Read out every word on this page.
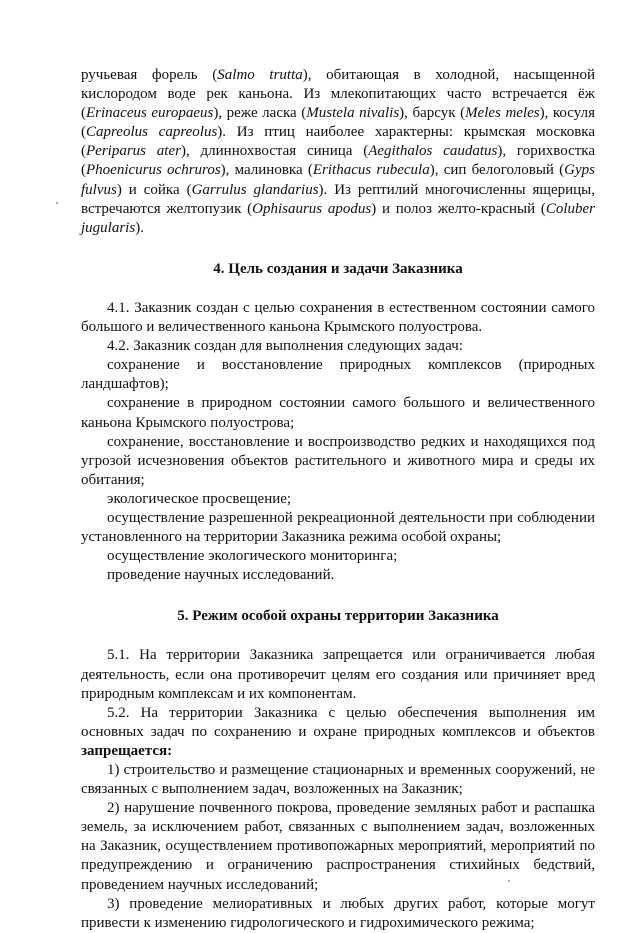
ручьевая форель (Salmo trutta), обитающая в холодной, насыщенной кислородом воде рек каньона. Из млекопитающих часто встречается ёж (Erinaceus europaeus), реже ласка (Mustela nivalis), барсук (Meles meles), косуля (Capreolus capreolus). Из птиц наиболее характерны: крымская московка (Periparus ater), длиннохвостая синица (Aegithalos caudatus), горихвостка (Phoenicurus ochruros), малиновка (Erithacus rubecula), сип белоголовый (Gyps fulvus) и сойка (Garrulus glandarius). Из рептилий многочисленны ящерицы, встречаются желтопузик (Ophisaurus apodus) и полоз желто-красный (Coluber jugularis).

4. Цель создания и задачи Заказника

4.1. Заказник создан с целью сохранения в естественном состоянии самого большого и величественного каньона Крымского полуострова.

4.2. Заказник создан для выполнения следующих задач:

сохранение и восстановление природных комплексов (природных ландшафтов);

сохранение в природном состоянии самого большого и величественного каньона Крымского полуострова;

сохранение, восстановление и воспроизводство редких и находящихся под угрозой исчезновения объектов растительного и животного мира и среды их обитания;

экологическое просвещение;

осуществление разрешенной рекреационной деятельности при соблюдении установленного на территории Заказника режима особой охраны;

осуществление экологического мониторинга;

проведение научных исследований.

5. Режим особой охраны территории Заказника

5.1. На территории Заказника запрещается или ограничивается любая деятельность, если она противоречит целям его создания или причиняет вред природным комплексам и их компонентам.

5.2. На территории Заказника с целью обеспечения выполнения им основных задач по сохранению и охране природных комплексов и объектов запрещается:

1) строительство и размещение стационарных и временных сооружений, не связанных с выполнением задач, возложенных на Заказник;

2) нарушение почвенного покрова, проведение земляных работ и распашка земель, за исключением работ, связанных с выполнением задач, возложенных на Заказник, осуществлением противопожарных мероприятий, мероприятий по предупреждению и ограничению распространения стихийных бедствий, проведением научных исследований;

3) проведение мелиоративных и любых других работ, которые могут привести к изменению гидрологического и гидрохимического режима;
